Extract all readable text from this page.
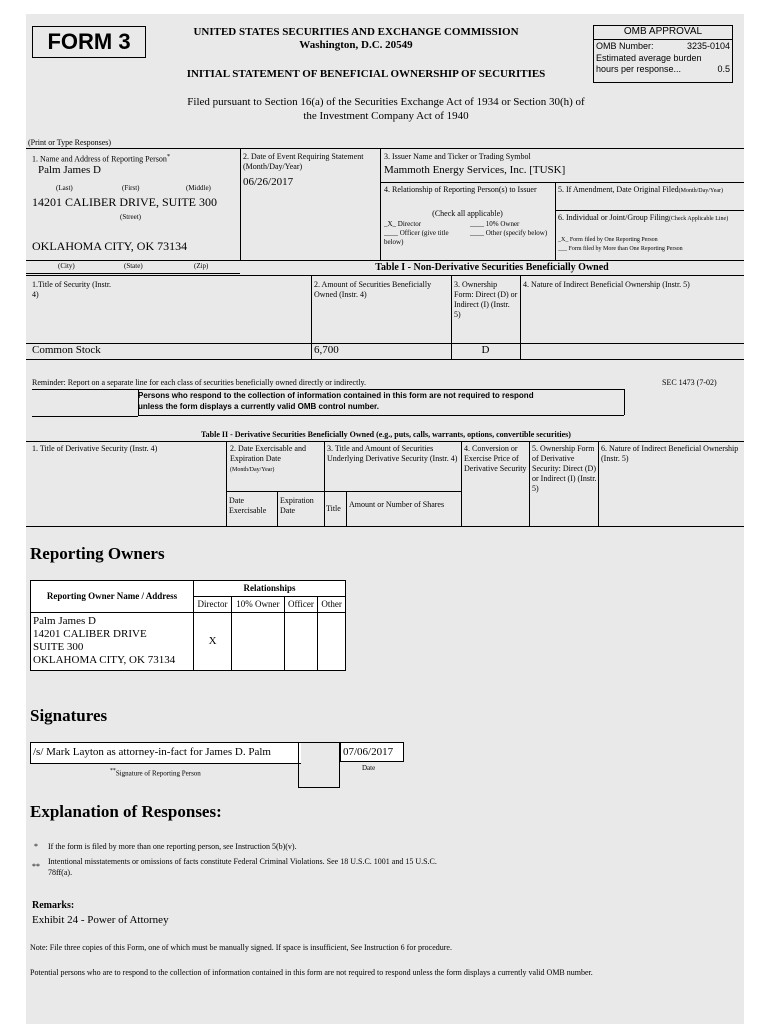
FORM 3	UNITED STATES SECURITIES AND EXCHANGE COMMISSION
Washington, D.C. 20549
INITIAL STATEMENT OF BENEFICIAL OWNERSHIP OF SECURITIES
OMB APPROVAL
OMB Number:	3235-0104
Estimated average burden
hours per response...	0.5
Filed pursuant to Section 16(a) of the Securities Exchange Act of 1934 or Section 30(h) of
the Investment Company Act of 1940
(Print or Type Responses)
1. Name and Address of Reporting Person*
Palm James D
(Last)	(First)	(Middle)
14201 CALIBER DRIVE, SUITE 300
(Street)
OKLAHOMA CITY, OK 73134
(City)	(State)	(Zip)
2. Date of Event Requiring Statement (Month/Day/Year)
06/26/2017
3. Issuer Name and Ticker or Trading Symbol
Mammoth Energy Services, Inc. [TUSK]
4. Relationship of Reporting Person(s) to Issuer
(Check all applicable)
_X_ Director	____ 10% Owner
____ Officer (give title below)
____ Other (specify below)
5. If Amendment, Date Original Filed(Month/Day/Year)
6. Individual or Joint/Group Filing(Check Applicable Line)
_X_ Form filed by One Reporting Person
___ Form filed by More than One Reporting Person
Table I - Non-Derivative Securities Beneficially Owned
1.Title of Security (Instr. 4)
2. Amount of Securities Beneficially Owned (Instr. 4)
3. Ownership Form: Direct (D) or Indirect (I) (Instr. 5)
4. Nature of Indirect Beneficial Ownership (Instr. 5)
Common Stock	6,700	D
Reminder: Report on a separate line for each class of securities beneficially owned directly or indirectly.	SEC 1473 (7-02)
Persons who respond to the collection of information contained in this form are not required to respond
unless the form displays a currently valid OMB control number.
Table II - Derivative Securities Beneficially Owned (e.g., puts, calls, warrants, options, convertible securities)
1. Title of Derivative Security (Instr. 4)	2. Date Exercisable and Expiration Date
(Month/Day/Year)
3. Title and Amount of Securities Underlying Derivative Security (Instr. 4)
4. Conversion or Exercise Price of Derivative Security
5. Ownership Form of Derivative Security: Direct (D) or Indirect (I) (Instr. 5)
6. Nature of Indirect Beneficial Ownership (Instr. 5)
Date Exercisable
Expiration Date	Title Amount or Number of Shares
Reporting Owners
Reporting Owner Name / Address	Relationships			
	Director	10% Owner	Officer	Other

Palm James D
14201 CALIBER DRIVE
SUITE 300
OKLAHOMA CITY, OK 73134	X			
Signatures
/s/ Mark Layton as attorney-in-fact for James D. Palm	07/06/2017
**Signature of Reporting Person
Date
Explanation of Responses:
* If the form is filed by more than one reporting person, see Instruction 5(b)(v).
**
Intentional misstatements or omissions of facts constitute Federal Criminal Violations. See 18 U.S.C. 1001 and 15 U.S.C.
78ff(a).
Remarks:
Exhibit 24 - Power of Attorney
Note: File three copies of this Form, one of which must be manually signed. If space is insufficient, See Instruction 6 for procedure.
Potential persons who are to respond to the collection of information contained in this form are not required to respond unless the form displays a currently valid OMB number.
